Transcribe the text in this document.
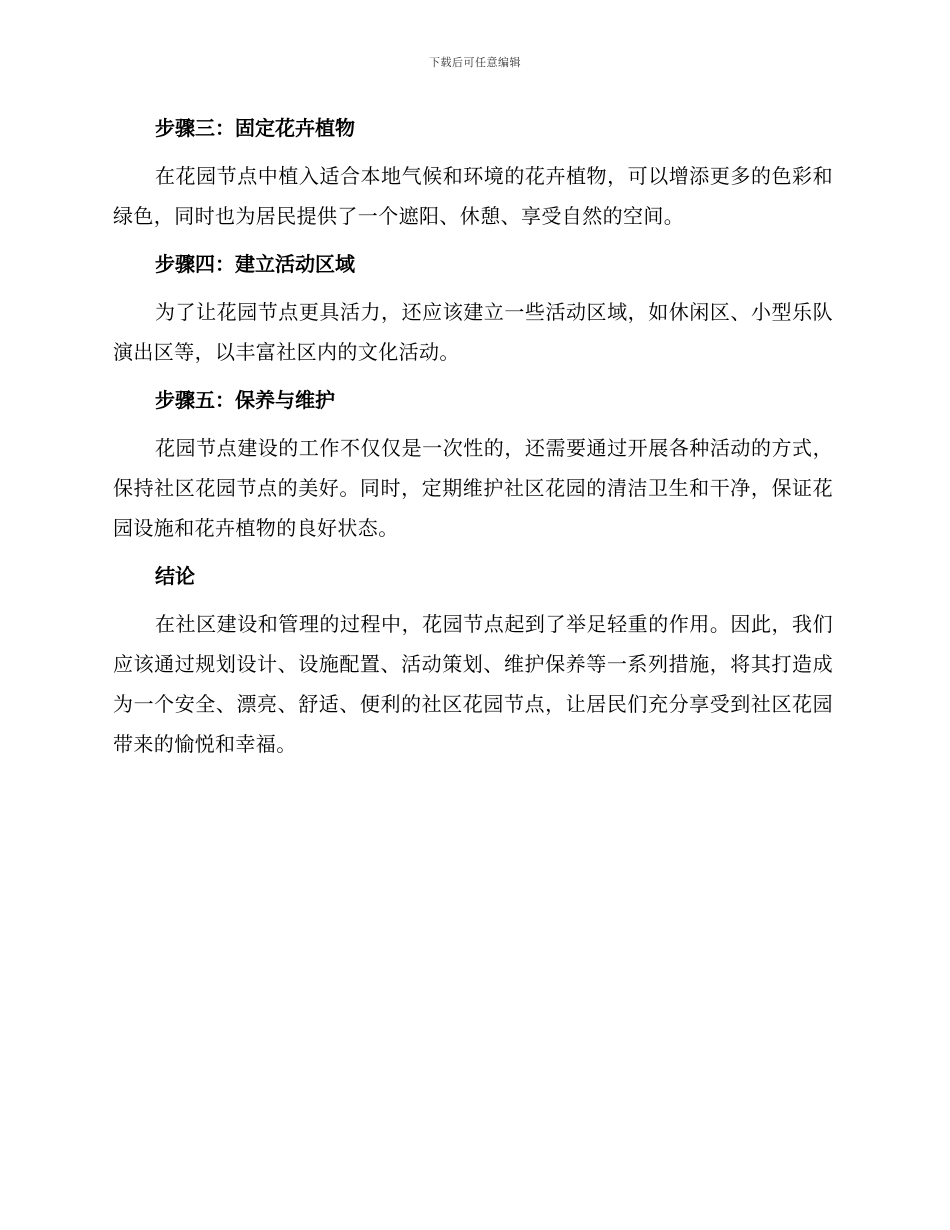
下载后可任意编辑
步骤三：固定花卉植物

在花园节点中植入适合本地气候和环境的花卉植物，可以增添更多的色彩和绿色，同时也为居民提供了一个遮阳、休憩、享受自然的空间。

步骤四：建立活动区域

为了让花园节点更具活力，还应该建立一些活动区域，如休闲区、小型乐队演出区等，以丰富社区内的文化活动。

步骤五：保养与维护

花园节点建设的工作不仅仅是一次性的，还需要通过开展各种活动的方式，保持社区花园节点的美好。同时，定期维护社区花园的清洁卫生和干净，保证花园设施和花卉植物的良好状态。

结论

在社区建设和管理的过程中，花园节点起到了举足轻重的作用。因此，我们应该通过规划设计、设施配置、活动策划、维护保养等一系列措施，将其打造成为一个安全、漂亮、舒适、便利的社区花园节点，让居民们充分享受到社区花园带来的愉悦和幸福。
